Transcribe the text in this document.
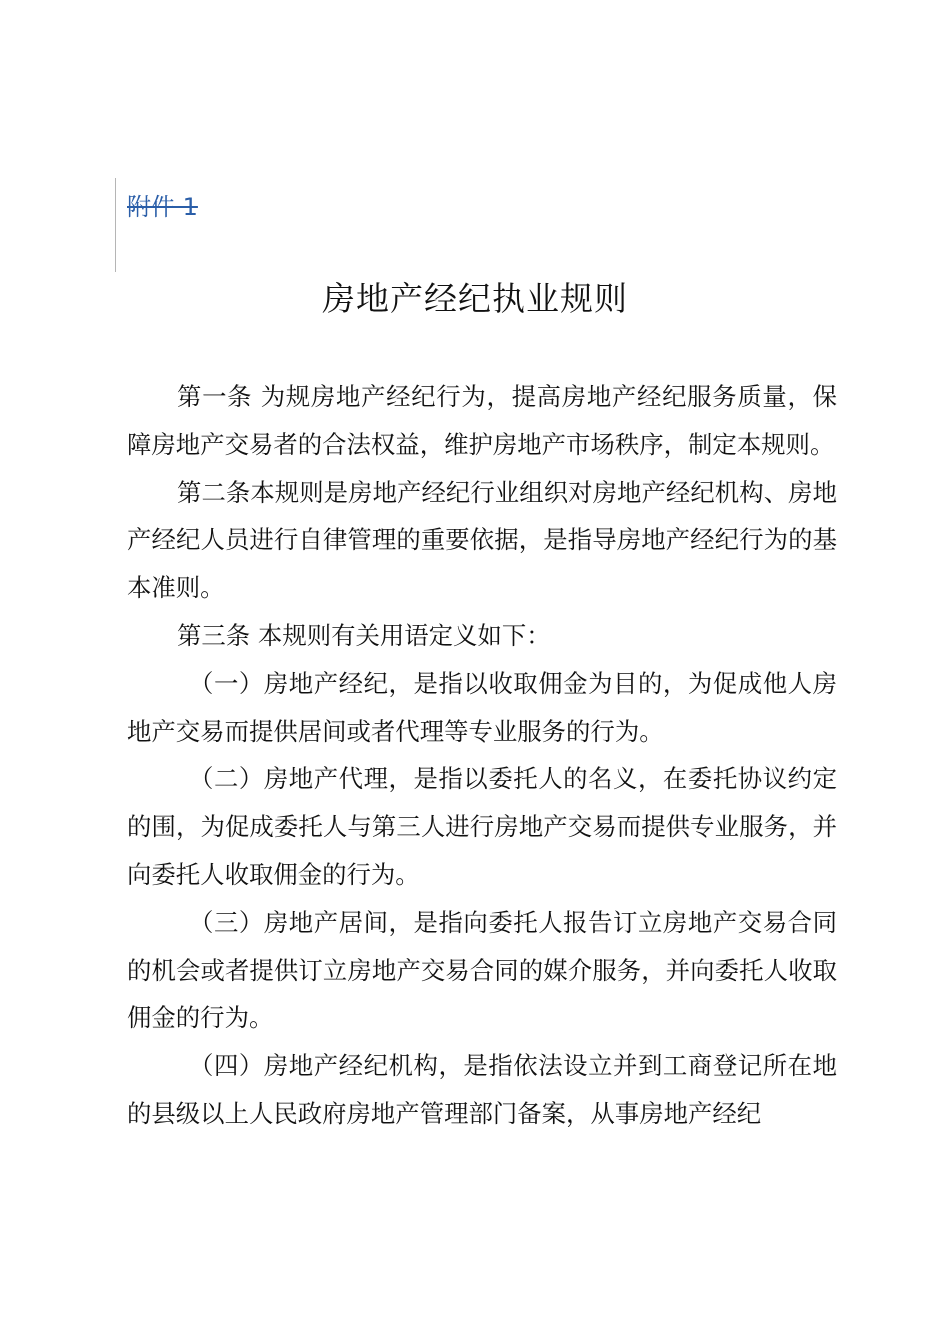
附件 1
房地产经纪执业规则

第一条 为规房地产经纪行为，提高房地产经纪服务质量，保障房地产交易者的合法权益，维护房地产市场秩序，制定本规则。

第二条本规则是房地产经纪行业组织对房地产经纪机构、房地产经纪人员进行自律管理的重要依据，是指导房地产经纪行为的基本准则。

第三条 本规则有关用语定义如下：

（一）房地产经纪，是指以收取佣金为目的，为促成他人房地产交易而提供居间或者代理等专业服务的行为。

（二）房地产代理，是指以委托人的名义，在委托协议约定的围，为促成委托人与第三人进行房地产交易而提供专业服务，并向委托人收取佣金的行为。

（三）房地产居间，是指向委托人报告订立房地产交易合同的机会或者提供订立房地产交易合同的媒介服务，并向委托人收取佣金的行为。

（四）房地产经纪机构，是指依法设立并到工商登记所在地的县级以上人民政府房地产管理部门备案，从事房地产经纪
